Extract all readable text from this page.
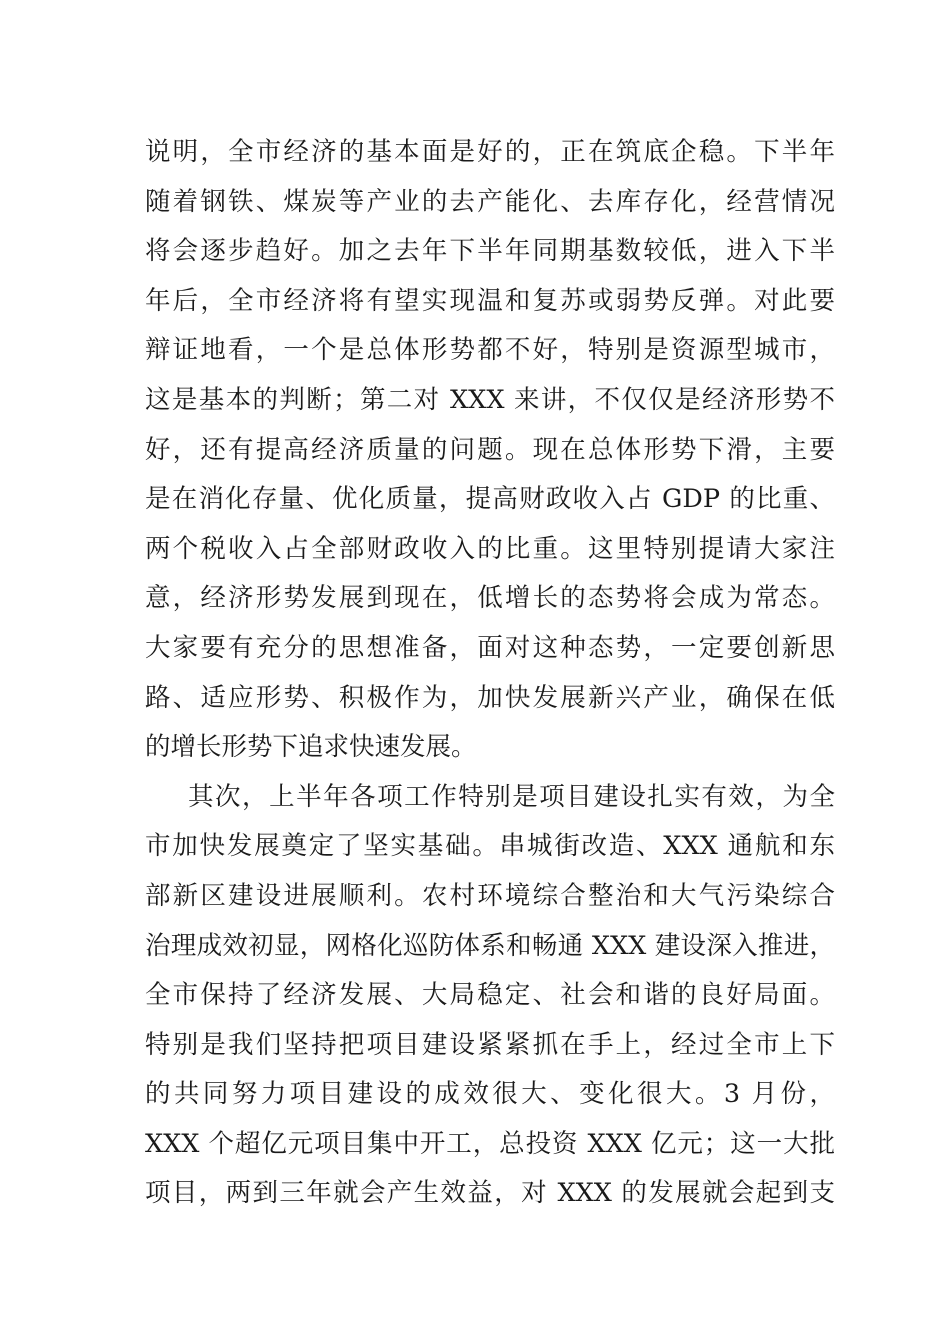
说明，全市经济的基本面是好的，正在筑底企稳。下半年
随着钢铁、煤炭等产业的去产能化、去库存化，经营情况
将会逐步趋好。加之去年下半年同期基数较低，进入下半
年后，全市经济将有望实现温和复苏或弱势反弹。对此要
辩证地看，一个是总体形势都不好，特别是资源型城市，
这是基本的判断；第二对 XXX 来讲，不仅仅是经济形势不
好，还有提高经济质量的问题。现在总体形势下滑，主要
是在消化存量、优化质量，提高财政收入占 GDP 的比重、
两个税收入占全部财政收入的比重。这里特别提请大家注
意，经济形势发展到现在，低增长的态势将会成为常态。
大家要有充分的思想准备，面对这种态势，一定要创新思
路、适应形势、积极作为，加快发展新兴产业，确保在低
的增长形势下追求快速发展。
其次，上半年各项工作特别是项目建设扎实有效，为全
市加快发展奠定了坚实基础。串城街改造、XXX 通航和东
部新区建设进展顺利。农村环境综合整治和大气污染综合
治理成效初显，网格化巡防体系和畅通 XXX 建设深入推进，
全市保持了经济发展、大局稳定、社会和谐的良好局面。
特别是我们坚持把项目建设紧紧抓在手上，经过全市上下
的共同努力项目建设的成效很大、变化很大。3 月份，
XXX 个超亿元项目集中开工，总投资 XXX 亿元；这一大批
项目，两到三年就会产生效益，对 XXX 的发展就会起到支
